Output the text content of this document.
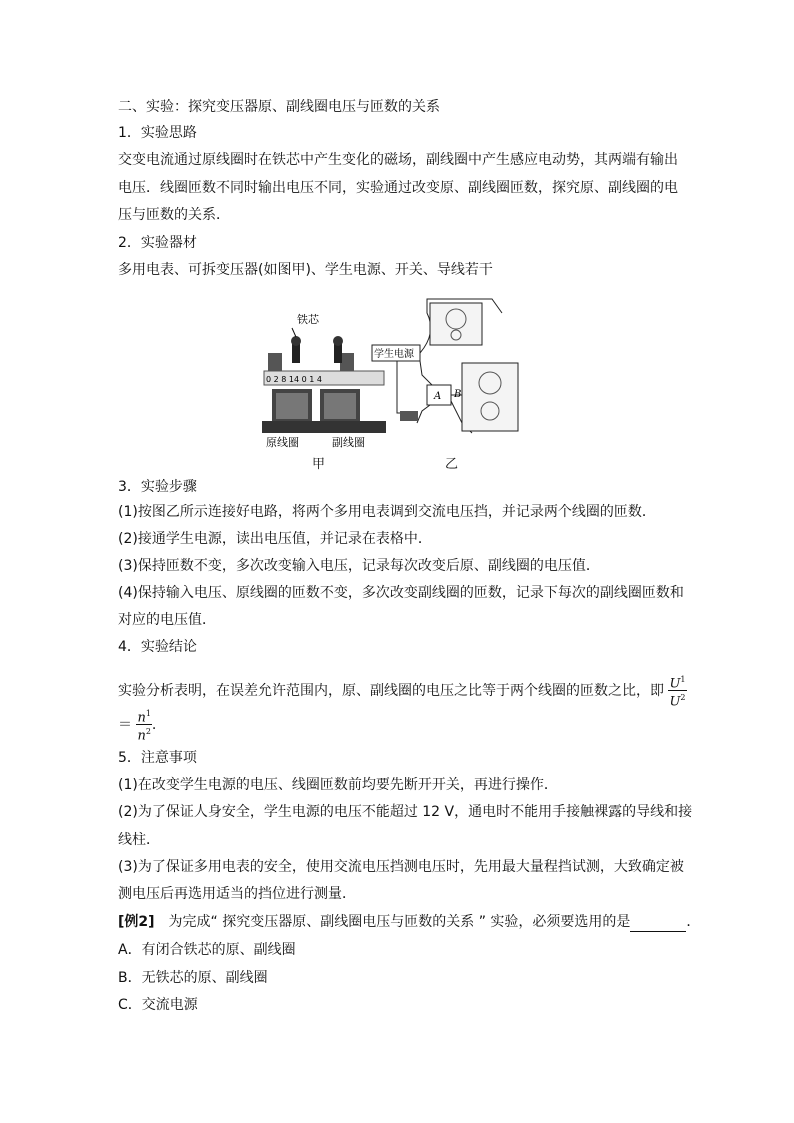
二、实验：探究变压器原、副线圈电压与匝数的关系
1．实验思路
交变电流通过原线圈时在铁芯中产生变化的磁场，副线圈中产生感应电动势，其两端有输出
电压．线圈匝数不同时输出电压不同，实验通过改变原、副线圈匝数，探究原、副线圈的电
压与匝数的关系．
2．实验器材
多用电表、可拆变压器(如图甲)、学生电源、开关、导线若干
铁芯
0 2 8 14 0 1 4
原线圈	副线圈
学生电源
A B
甲	乙
3．实验步骤
(1)按图乙所示连接好电路，将两个多用电表调到交流电压挡，并记录两个线圈的匝数．
(2)接通学生电源，读出电压值，并记录在表格中．
(3)保持匝数不变，多次改变输入电压，记录每次改变后原、副线圈的电压值．
(4)保持输入电压、原线圈的匝数不变，多次改变副线圈的匝数，记录下每次的副线圈匝数和
对应的电压值．
4．实验结论
实验分析表明，在误差允许范围内，原、副线圈的电压之比等于两个线圈的匝数之比，即 $\frac{U^1}{U^2}$
＝ $\frac{n^1}{n^2}$ .
5．注意事项
(1)在改变学生电源的电压、线圈匝数前均要先断开开关，再进行操作．
(2)为了保证人身安全，学生电源的电压不能超过 12 V，通电时不能用手接触裸露的导线和接
线柱．
(3)为了保证多用电表的安全，使用交流电压挡测电压时，先用最大量程挡试测，大致确定被
测电压后再选用适当的挡位进行测量．
[例2]　为完成“ 探究变压器原、副线圈电压与匝数的关系 ” 实验，必须要选用的是	．
A．有闭合铁芯的原、副线圈
B．无铁芯的原、副线圈
C．交流电源
